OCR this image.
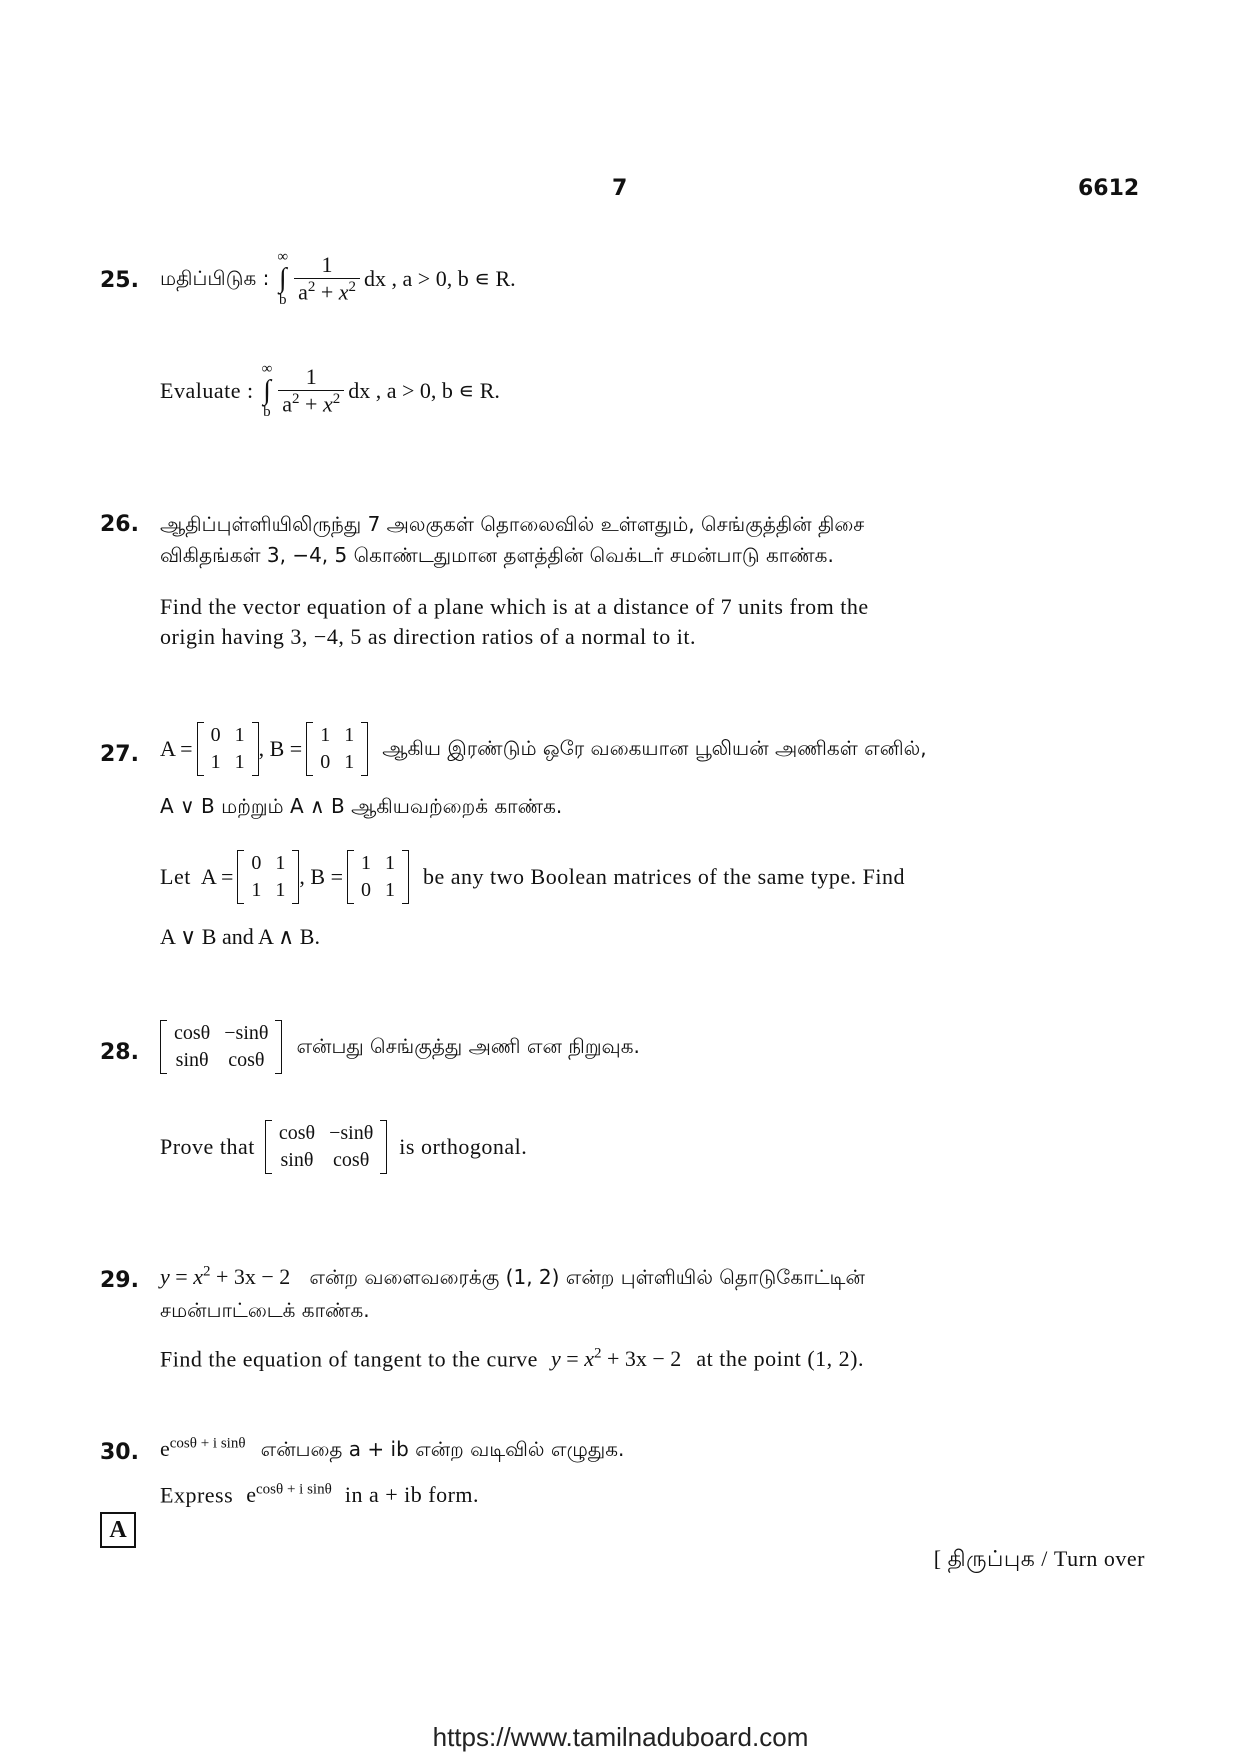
7	6612
25. மதிப்பிடுக :
∞
∫
b $\frac{1}{a^2 + x^2}$ dx , a > 0, b ∊ R.
Evaluate :
∞
∫
b $\frac{1}{a^2 + x^2}$ dx , a > 0, b ∊ R.
26. ஆதிப்புள்ளியிலிருந்து 7 அலகுகள் தொலைவில் உள்ளதும், செங்குத்தின் திசை
விகிதங்கள் 3, −4, 5 கொண்டதுமான தளத்தின் வெக்டர் சமன்பாடு காண்க.
Find the vector equation of a plane which is at a distance of 7 units from the
origin having 3, −4, 5 as direction ratios of a normal to it.
27. A =
0	1
1	1
, B =
1	1
0	1
ஆகிய இரண்டும் ஒரே வகையான பூலியன் அணிகள் எனில்,
A ∨ B மற்றும் A ∧ B ஆகியவற்றைக் காண்க.
Let A =
0	1
1	1
, B =
1	1
0	1
be any two Boolean matrices of the same type. Find
A ∨ B and A ∧ B.
28.
cosθ	−sinθ
sinθ	cosθ
என்பது செங்குத்து அணி என நிறுவுக.
Prove that
cosθ	−sinθ
sinθ	cosθ
is orthogonal.
29. $y = x^2 + 3x - 2$ என்ற வளைவரைக்கு (1, 2) என்ற புள்ளியில் தொடுகோட்டின்
சமன்பாட்டைக் காண்க.
Find the equation of tangent to the curve $y = x^2 + 3x - 2$ at the point (1, 2).
30. $e^{cos\theta + i sin\theta}$ என்பதை a + ib என்ற வடிவில் எழுதுக.
Express $e^{cos\theta + i sin\theta}$ in a + ib form.
A
[ திருப்புக / Turn over
https://www.tamilnaduboard.com
